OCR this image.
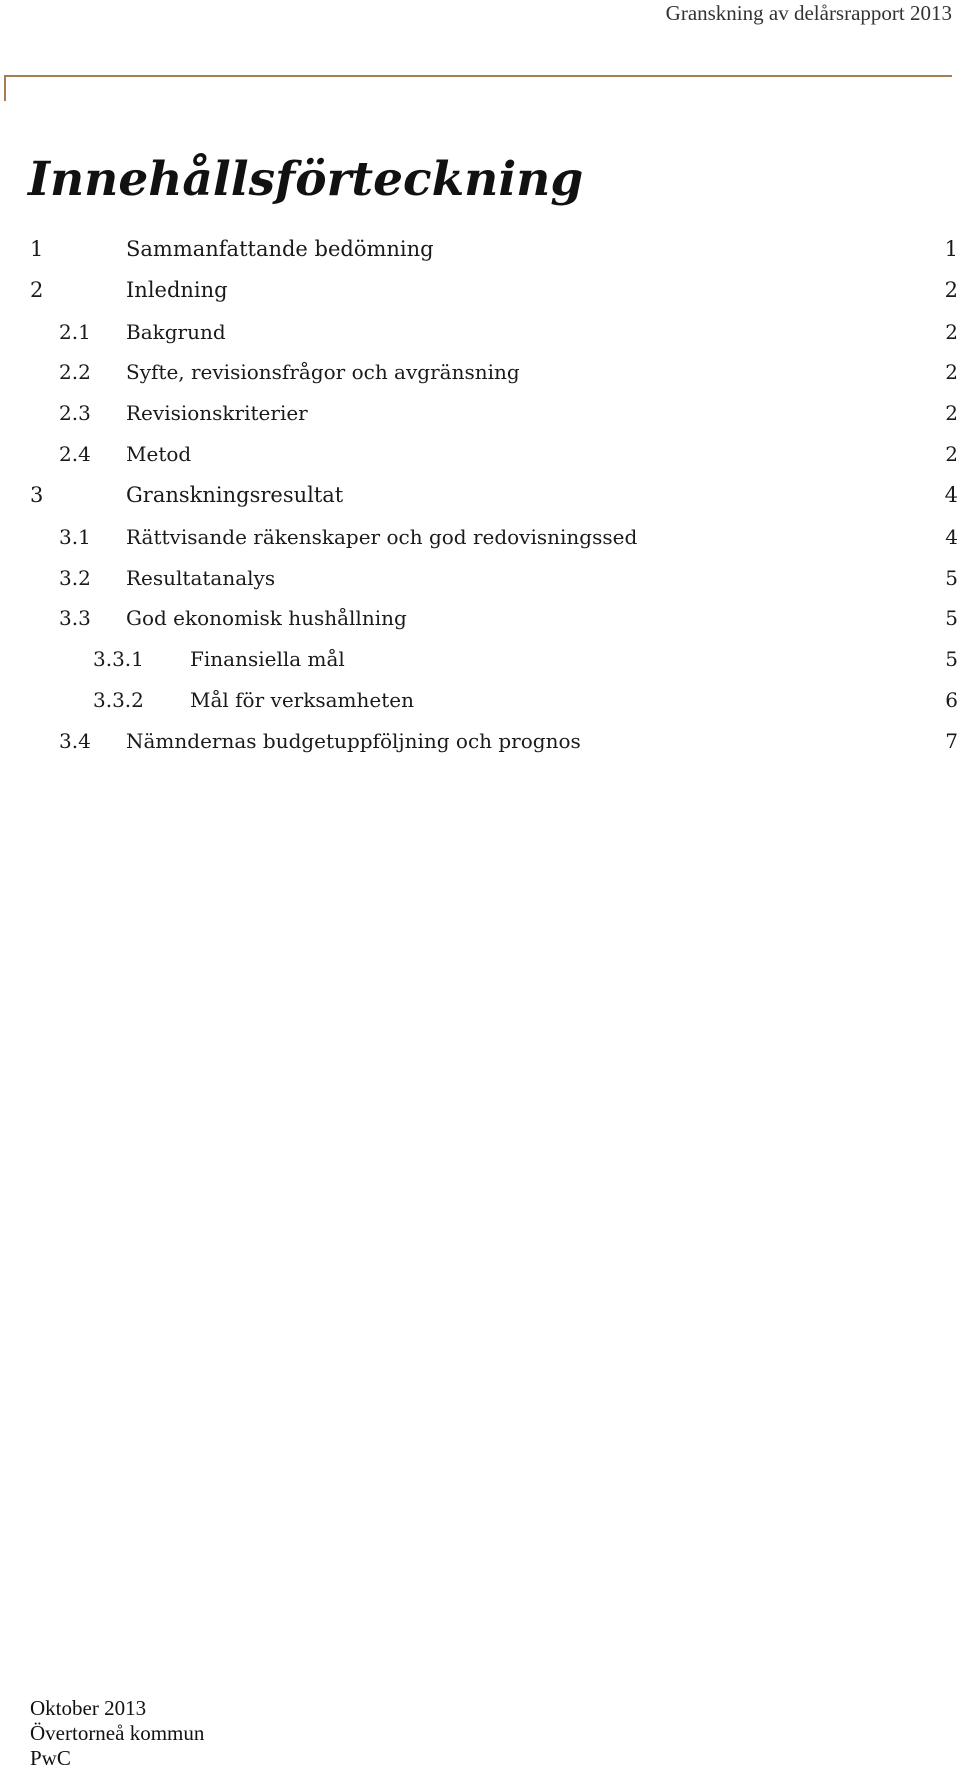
Granskning av delårsrapport 2013
Innehållsförteckning
1	Sammanfattande bedömning	1
2	Inledning	2
2.1 Bakgrund	2
2.2 Syfte, revisionsfrågor och avgränsning	2
2.3 Revisionskriterier	2
2.4 Metod	2
3	Granskningsresultat	4
3.1 Rättvisande räkenskaper och god redovisningssed	4
3.2 Resultatanalys	5
3.3 God ekonomisk hushållning	5
3.3.1 Finansiella mål	5
3.3.2 Mål för verksamheten	6
3.4 Nämndernas budgetuppföljning och prognos	7
Oktober 2013
Övertorneå kommun
PwC
